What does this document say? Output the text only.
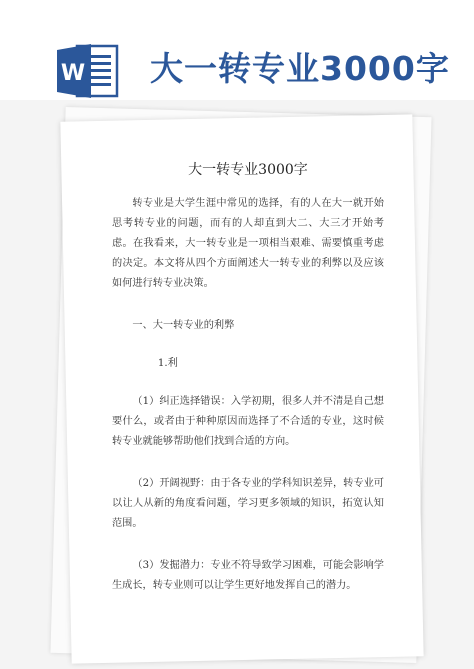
W 大一转专业3000字

大一转专业3000字

转专业是大学生涯中常见的选择，有的人在大一就开始思考转专业的问题，而有的人却直到大二、大三才开始考虑。在我看来，大一转专业是一项相当艰难、需要慎重考虑的决定。本文将从四个方面阐述大一转专业的利弊以及应该如何进行转专业决策。

一、大一转专业的利弊

1.利

（1）纠正选择错误：入学初期，很多人并不清是自己想要什么，或者由于种种原因而选择了不合适的专业，这时候转专业就能够帮助他们找到合适的方向。

（2）开阔视野：由于各专业的学科知识差异，转专业可以让人从新的角度看问题，学习更多领域的知识，拓宽认知范围。

（3）发掘潜力：专业不符导致学习困难，可能会影响学生成长，转专业则可以让学生更好地发挥自己的潜力。
